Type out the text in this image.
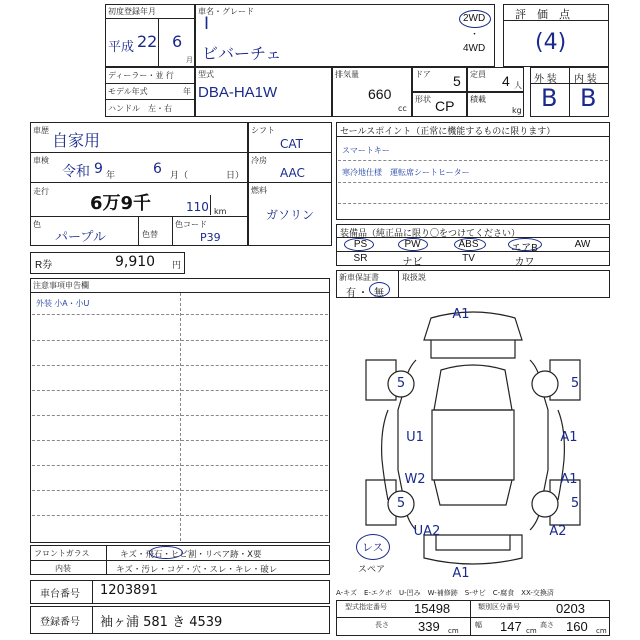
初度登録年月
平成 22 6
月
車名・グレード
I
ビバーチェ
2WD
・
4WD
評　価　点
(4)
ディーラー・並 行
モデル年式	年
ハンドル　左・右
型式
DBA-HA1W
排気量
660
cc
ドア 5 定員 4 人
形状 CP 積載
kg
外 装 内 装
B B
車歴
自家用
車検
令和 9 年	6 月（	日）
走行
6万9千	110 km
色
パープル	色替
色コード
P39
シフト
CAT
冷房
AAC
燃料
ガソリン
R券	9,910 円
セールスポイント（正常に機能するものに限ります）
スマートキー
寒冷地仕様　運転席シートヒーター
装備品（純正品に限り〇をつけてください）
PS	PW	ABS	エアB	AW
SR	ナビ	TV	カワ
新車保証書	取扱説
有 ・ 無
注意事項申告欄
外装 小A・小U
フロントガラス	キズ・飛石・ヒビ割・リペア跡・X要
内装	キズ・汚レ・コゲ・穴・スレ・キレ・破レ
車台番号 1203891
登録番号 袖ヶ浦 581 き 4539
A1
5	5
U1	A1
W2	A1
5	5
UA2	A2
A1
レス
スペア
A-キズ　E-エクボ　U-凹み　W-補修跡　S-サビ　C-腐食　XX-交換済
型式指定番号 15498	類別区分番号	0203
長さ 339 cm
幅 147 cm
高さ 160 cm
